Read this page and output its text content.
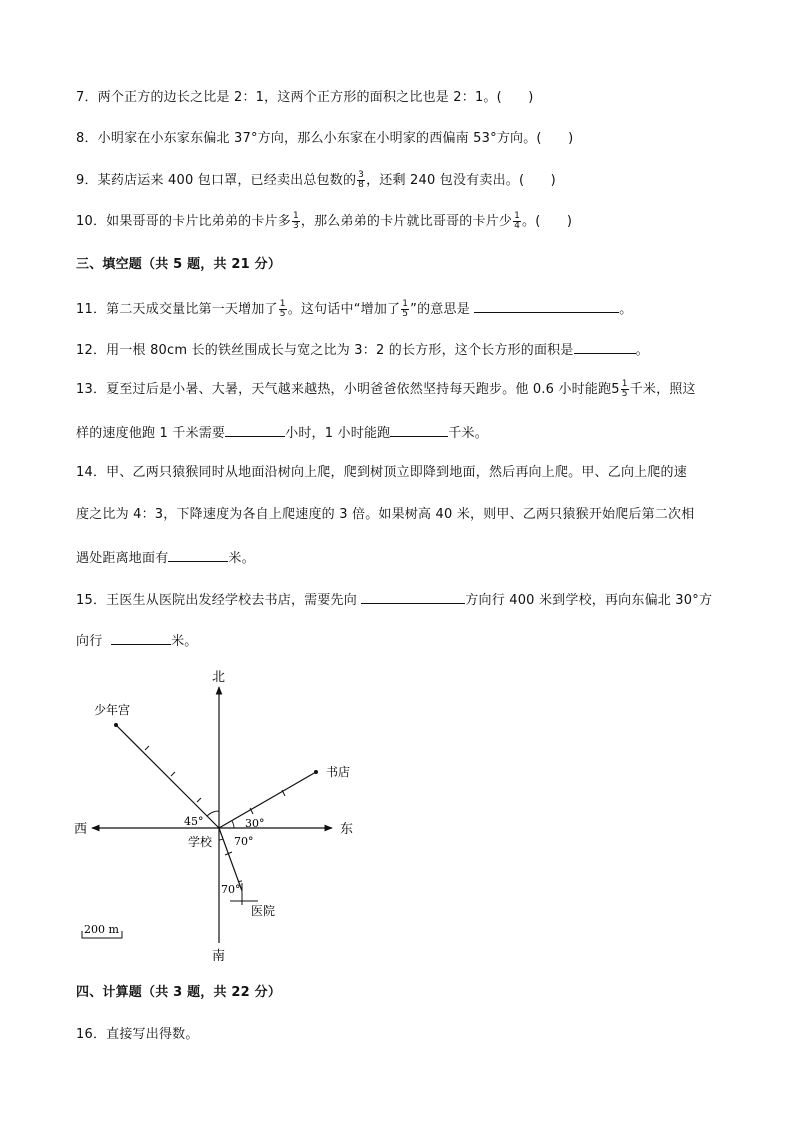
7．两个正方的边长之比是 2：1，这两个正方形的面积之比也是 2：1。(　　)
8．小明家在小东家东偏北 37°方向，那么小东家在小明家的西偏南 53°方向。(　　)
9．某药店运来 400 包口罩，已经卖出总包数的 $\frac{3}{8}$ ，还剩 240 包没有卖出。(　　)
10．如果哥哥的卡片比弟弟的卡片多 $\frac{1}{3}$ ，那么弟弟的卡片就比哥哥的卡片少 $\frac{1}{4}$ 。(　　)
三、填空题（共 5 题，共 21 分）
11．第二天成交量比第一天增加了 $\frac{1}{5}$ 。这句话中“增加了 $\frac{1}{5}$ ”的意思是	。
12．用一根 80cm 长的铁丝围成长与宽之比为 3：2 的长方形，这个长方形的面积是	。
13．夏至过后是小暑、大暑，天气越来越热，小明爸爸依然坚持每天跑步。他 0.6 小时能跑$5 \frac{1}{5}$ 千米，照这
样的速度他跑 1 千米需要	小时，1 小时能跑	千米。
14．甲、乙两只猿猴同时从地面沿树向上爬，爬到树顶立即降到地面，然后再向上爬。甲、乙向上爬的速
度之比为 4：3，下降速度为各自上爬速度的 3 倍。如果树高 40 米，则甲、乙两只猿猴开始爬后第二次相
遇处距离地面有	米。
15．王医生从医院出发经学校去书店，需要先向	方向行 400 米到学校，再向东偏北 30°方
向行	米。
北
南
东
西
学校
书店
少年宫
医院
45°	30°
70°
70°
200 m
四、计算题（共 3 题，共 22 分）
16．直接写出得数。
